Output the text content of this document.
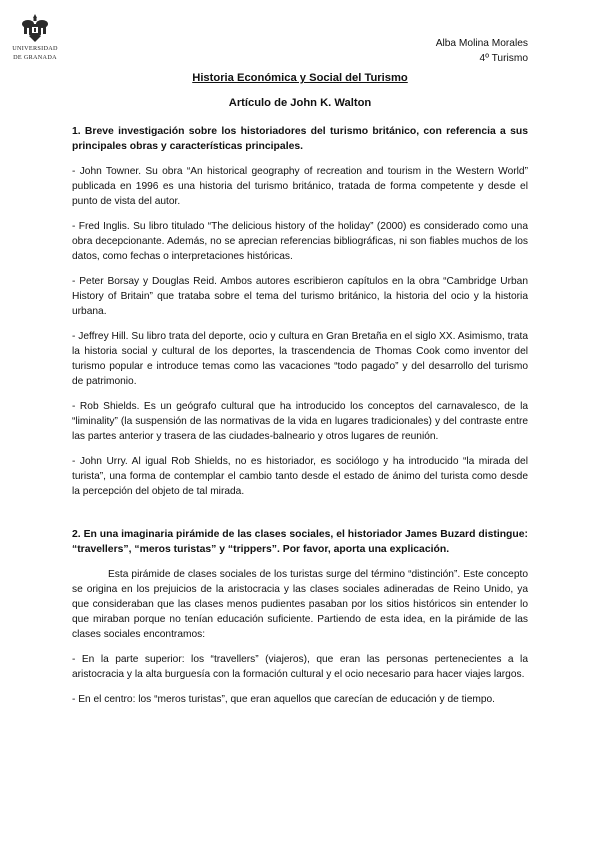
UNIVERSIDAD
DE GRANADA
Alba Molina Morales
4º Turismo
Historia Económica y Social del Turismo
Artículo de John K. Walton
1. Breve investigación sobre los historiadores del turismo británico, con referencia a sus principales obras y características principales.

- John Towner. Su obra “An historical geography of recreation and tourism in the Western World” publicada en 1996 es una historia del turismo británico, tratada de forma competente y desde el punto de vista del autor.

- Fred Inglis. Su libro titulado “The delicious history of the holiday” (2000) es considerado como una obra decepcionante. Además, no se aprecian referencias bibliográficas, ni son fiables muchos de los datos, como fechas o interpretaciones históricas.

- Peter Borsay y Douglas Reid. Ambos autores escribieron capítulos en la obra “Cambridge Urban History of Britain” que trataba sobre el tema del turismo británico, la historia del ocio y la historia urbana.

- Jeffrey Hill. Su libro trata del deporte, ocio y cultura en Gran Bretaña en el siglo XX. Asimismo, trata la historia social y cultural de los deportes, la trascendencia de Thomas Cook como inventor del turismo popular e introduce temas como las vacaciones “todo pagado” y del desarrollo del turismo de patrimonio.

- Rob Shields. Es un geógrafo cultural que ha introducido los conceptos del carnavalesco, de la “liminality” (la suspensión de las normativas de la vida en lugares tradicionales) y del contraste entre las partes anterior y trasera de las ciudades-balneario y otros lugares de reunión.

- John Urry. Al igual Rob Shields, no es historiador, es sociólogo y ha introducido “la mirada del turista”, una forma de contemplar el cambio tanto desde el estado de ánimo del turista como desde la percepción del objeto de tal mirada.

2. En una imaginaria pirámide de las clases sociales, el historiador James Buzard distingue: “travellers”, “meros turistas” y “trippers”. Por favor, aporta una explicación.

Esta pirámide de clases sociales de los turistas surge del término “distinción”. Este concepto se origina en los prejuicios de la aristocracia y las clases sociales adineradas de Reino Unido, ya que consideraban que las clases menos pudientes pasaban por los sitios históricos sin entender lo que miraban porque no tenían educación suficiente. Partiendo de esta idea, en la pirámide de las clases sociales encontramos:

- En la parte superior: los “travellers” (viajeros), que eran las personas pertenecientes a la aristocracia y la alta burguesía con la formación cultural y el ocio necesario para hacer viajes largos.

- En el centro: los “meros turistas”, que eran aquellos que carecían de educación y de tiempo.
